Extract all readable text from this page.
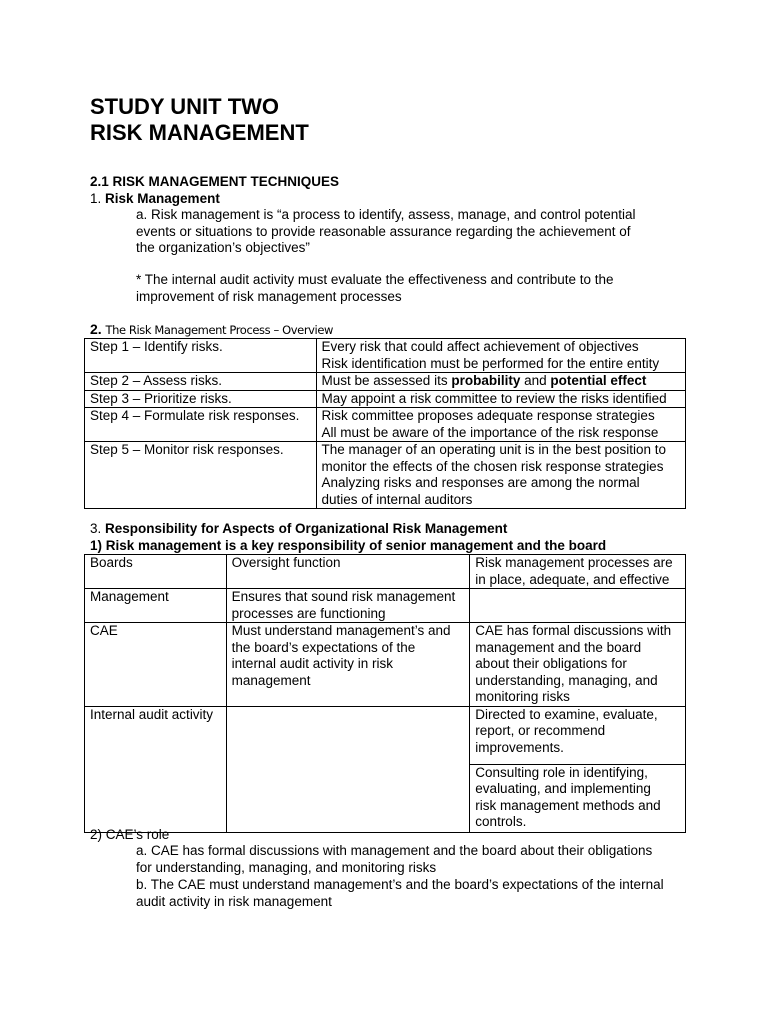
STUDY UNIT TWO
RISK MANAGEMENT
2.1 RISK MANAGEMENT TECHNIQUES
1. Risk Management
a. Risk management is “a process to identify, assess, manage, and control potential
events or situations to provide reasonable assurance regarding the achievement of
the organization’s objectives”
* The internal audit activity must evaluate the effectiveness and contribute to the
improvement of risk management processes
2. The Risk Management Process – Overview
Step 1 – Identify risks.	Every risk that could affect achievement of objectives
Risk identification must be performed for the entire entity

Step 2 – Assess risks.	Must be assessed its probability and potential effect

Step 3 – Prioritize risks.	May appoint a risk committee to review the risks identified

Step 4 – Formulate risk responses.	Risk committee proposes adequate response strategies
All must be aware of the importance of the risk response

Step 5 – Monitor risk responses.	The manager of an operating unit is in the best position to
monitor the effects of the chosen risk response strategies
Analyzing risks and responses are among the normal
duties of internal auditors
3. Responsibility for Aspects of Organizational Risk Management
1) Risk management is a key responsibility of senior management and the board
Boards	Oversight function	Risk management processes are
in place, adequate, and effective

Management	Ensures that sound risk management
processes are functioning	

CAE	Must understand management’s and
the board’s expectations of the
internal audit activity in risk
management	CAE has formal discussions with
management and the board
about their obligations for
understanding, managing, and
monitoring risks

Internal audit activity		Directed to examine, evaluate,
report, or recommend
improvements.

		Consulting role in identifying,
evaluating, and implementing
risk management methods and
controls.
2) CAE’s role
a. CAE has formal discussions with management and the board about their obligations
for understanding, managing, and monitoring risks
b. The CAE must understand management’s and the board’s expectations of the internal
audit activity in risk management
